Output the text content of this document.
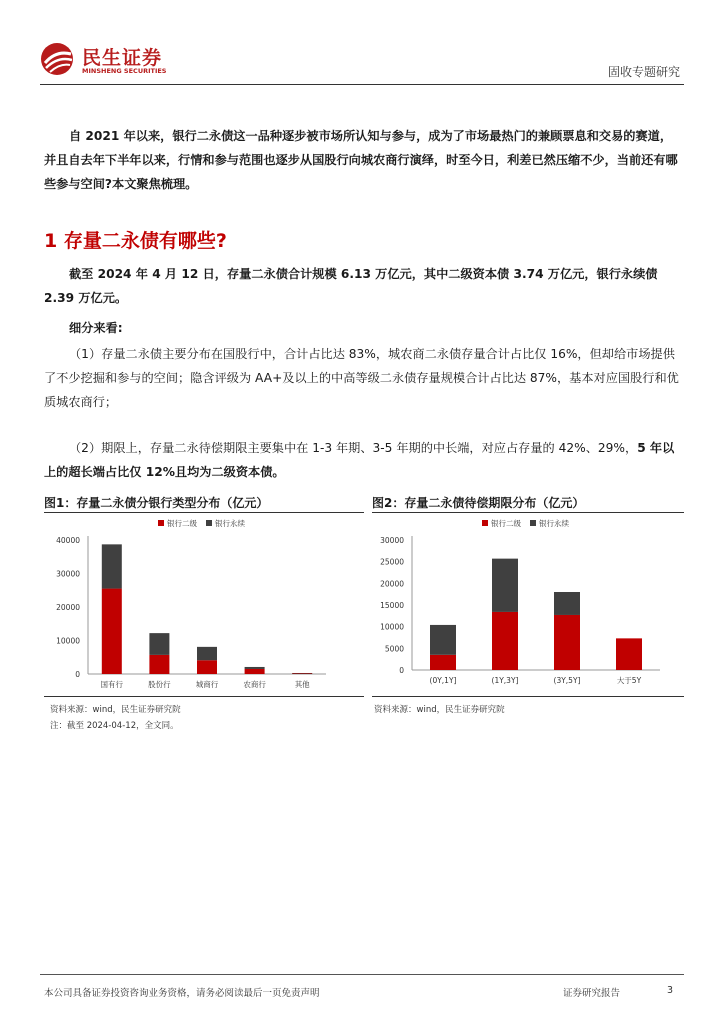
民生证券
MINSHENG SECURITIES	固收专题研究
自 2021 年以来，银行二永债这一品种逐步被市场所认知与参与，成为了市场最热门的兼顾票息和交易的赛道，并且自去年下半年以来，行情和参与范围也逐步从国股行向城农商行演绎，时至今日，利差已然压缩不少，当前还有哪些参与空间?本文聚焦梳理。
1 存量二永债有哪些?
截至 2024 年 4 月 12 日，存量二永债合计规模 6.13 万亿元，其中二级资本债 3.74 万亿元，银行永续债 2.39 万亿元。
细分来看:
（1）存量二永债主要分布在国股行中，合计占比达 83%，城农商二永债存量合计占比仅 16%，但却给市场提供了不少挖掘和参与的空间；隐含评级为 AA+及以上的中高等级二永债存量规模合计占比达 87%，基本对应国股行和优质城农商行；
（2）期限上，存量二永待偿期限主要集中在 1-3 年期、3-5 年期的中长端，对应占存量的 42%、29%，5 年以上的超长端占比仅 12%且均为二级资本债。
图1：存量二永债分银行类型分布（亿元）	图2：存量二永债待偿期限分布（亿元）
银行二级 银行永续
0
10000
20000
30000
40000
国有行	股份行	城商行	农商行	其他
银行二级 银行永续
0
5000
10000
15000
20000
25000
30000
(0Y,1Y]	(1Y,3Y]	(3Y,5Y]	大于5Y
资料来源：wind，民生证券研究院
注：截至 2024-04-12，全文同。
资料来源：wind，民生证券研究院
本公司具备证券投资咨询业务资格，请务必阅读最后一页免责声明	证券研究报告	3
